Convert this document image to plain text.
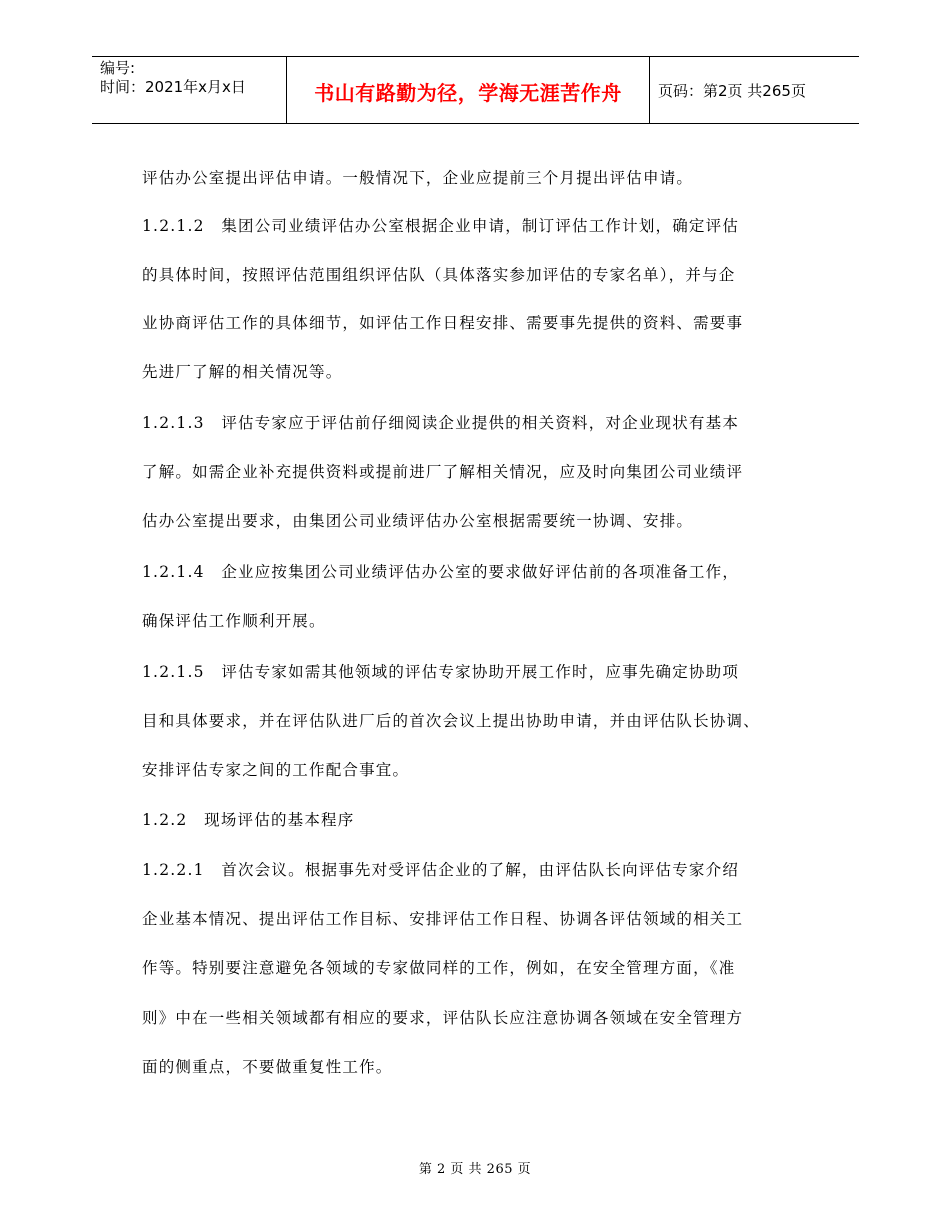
编号:
时间：2021年x月x日	书山有路勤为径，学海无涯苦作舟	页码：第2页 共265页
评估办公室提出评估申请。一般情况下，企业应提前三个月提出评估申请。
1.2.1.2　集团公司业绩评估办公室根据企业申请，制订评估工作计划，确定评估
的具体时间，按照评估范围组织评估队（具体落实参加评估的专家名单），并与企
业协商评估工作的具体细节，如评估工作日程安排、需要事先提供的资料、需要事
先进厂了解的相关情况等。
1.2.1.3　评估专家应于评估前仔细阅读企业提供的相关资料，对企业现状有基本
了解。如需企业补充提供资料或提前进厂了解相关情况，应及时向集团公司业绩评
估办公室提出要求，由集团公司业绩评估办公室根据需要统一协调、安排。
1.2.1.4　企业应按集团公司业绩评估办公室的要求做好评估前的各项准备工作，
确保评估工作顺利开展。
1.2.1.5　评估专家如需其他领域的评估专家协助开展工作时，应事先确定协助项
目和具体要求，并在评估队进厂后的首次会议上提出协助申请，并由评估队长协调、
安排评估专家之间的工作配合事宜。
1.2.2　现场评估的基本程序
1.2.2.1　首次会议。根据事先对受评估企业的了解，由评估队长向评估专家介绍
企业基本情况、提出评估工作目标、安排评估工作日程、协调各评估领域的相关工
作等。特别要注意避免各领域的专家做同样的工作，例如，在安全管理方面，《准
则》中在一些相关领域都有相应的要求，评估队长应注意协调各领域在安全管理方
面的侧重点，不要做重复性工作。
第 2 页 共 265 页
